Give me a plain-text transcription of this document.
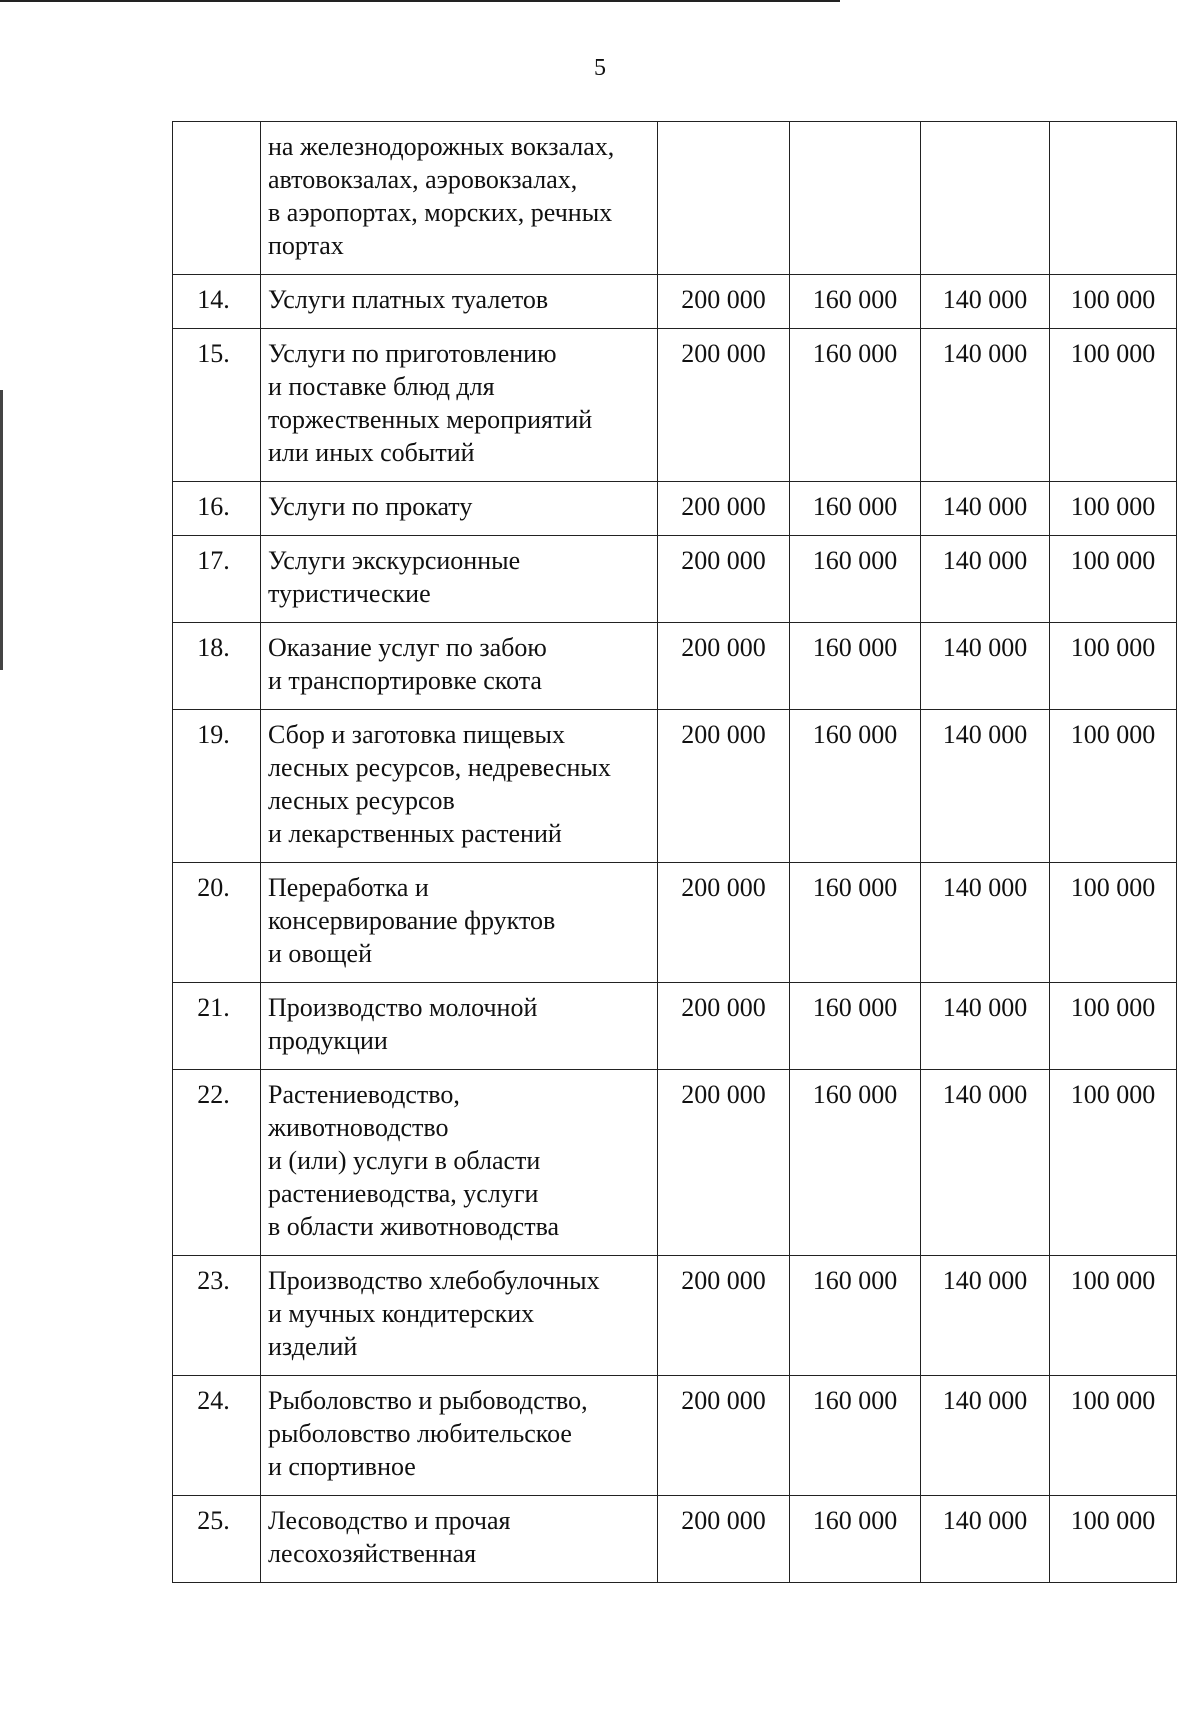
5
	на железнодорожных вокзалах,
автовокзалах, аэровокзалах,
в аэропортах, морских, речных
портах				
14.	Услуги платных туалетов	200 000	160 000	140 000	100 000
15.	Услуги по приготовлению
и поставке блюд для
торжественных мероприятий
или иных событий	200 000	160 000	140 000	100 000
16.	Услуги по прокату	200 000	160 000	140 000	100 000
17.	Услуги экскурсионные
туристические	200 000	160 000	140 000	100 000
18.	Оказание услуг по забою
и транспортировке скота	200 000	160 000	140 000	100 000
19.	Сбор и заготовка пищевых
лесных ресурсов, недревесных
лесных ресурсов
и лекарственных растений	200 000	160 000	140 000	100 000
20.	Переработка и
консервирование фруктов
и овощей	200 000	160 000	140 000	100 000
21.	Производство молочной
продукции	200 000	160 000	140 000	100 000
22.	Растениеводство,
животноводство
и (или) услуги в области
растениеводства, услуги
в области животноводства	200 000	160 000	140 000	100 000
23.	Производство хлебобулочных
и мучных кондитерских
изделий	200 000	160 000	140 000	100 000
24.	Рыболовство и рыбоводство,
рыболовство любительское
и спортивное	200 000	160 000	140 000	100 000
25.	Лесоводство и прочая
лесохозяйственная	200 000	160 000	140 000	100 000
